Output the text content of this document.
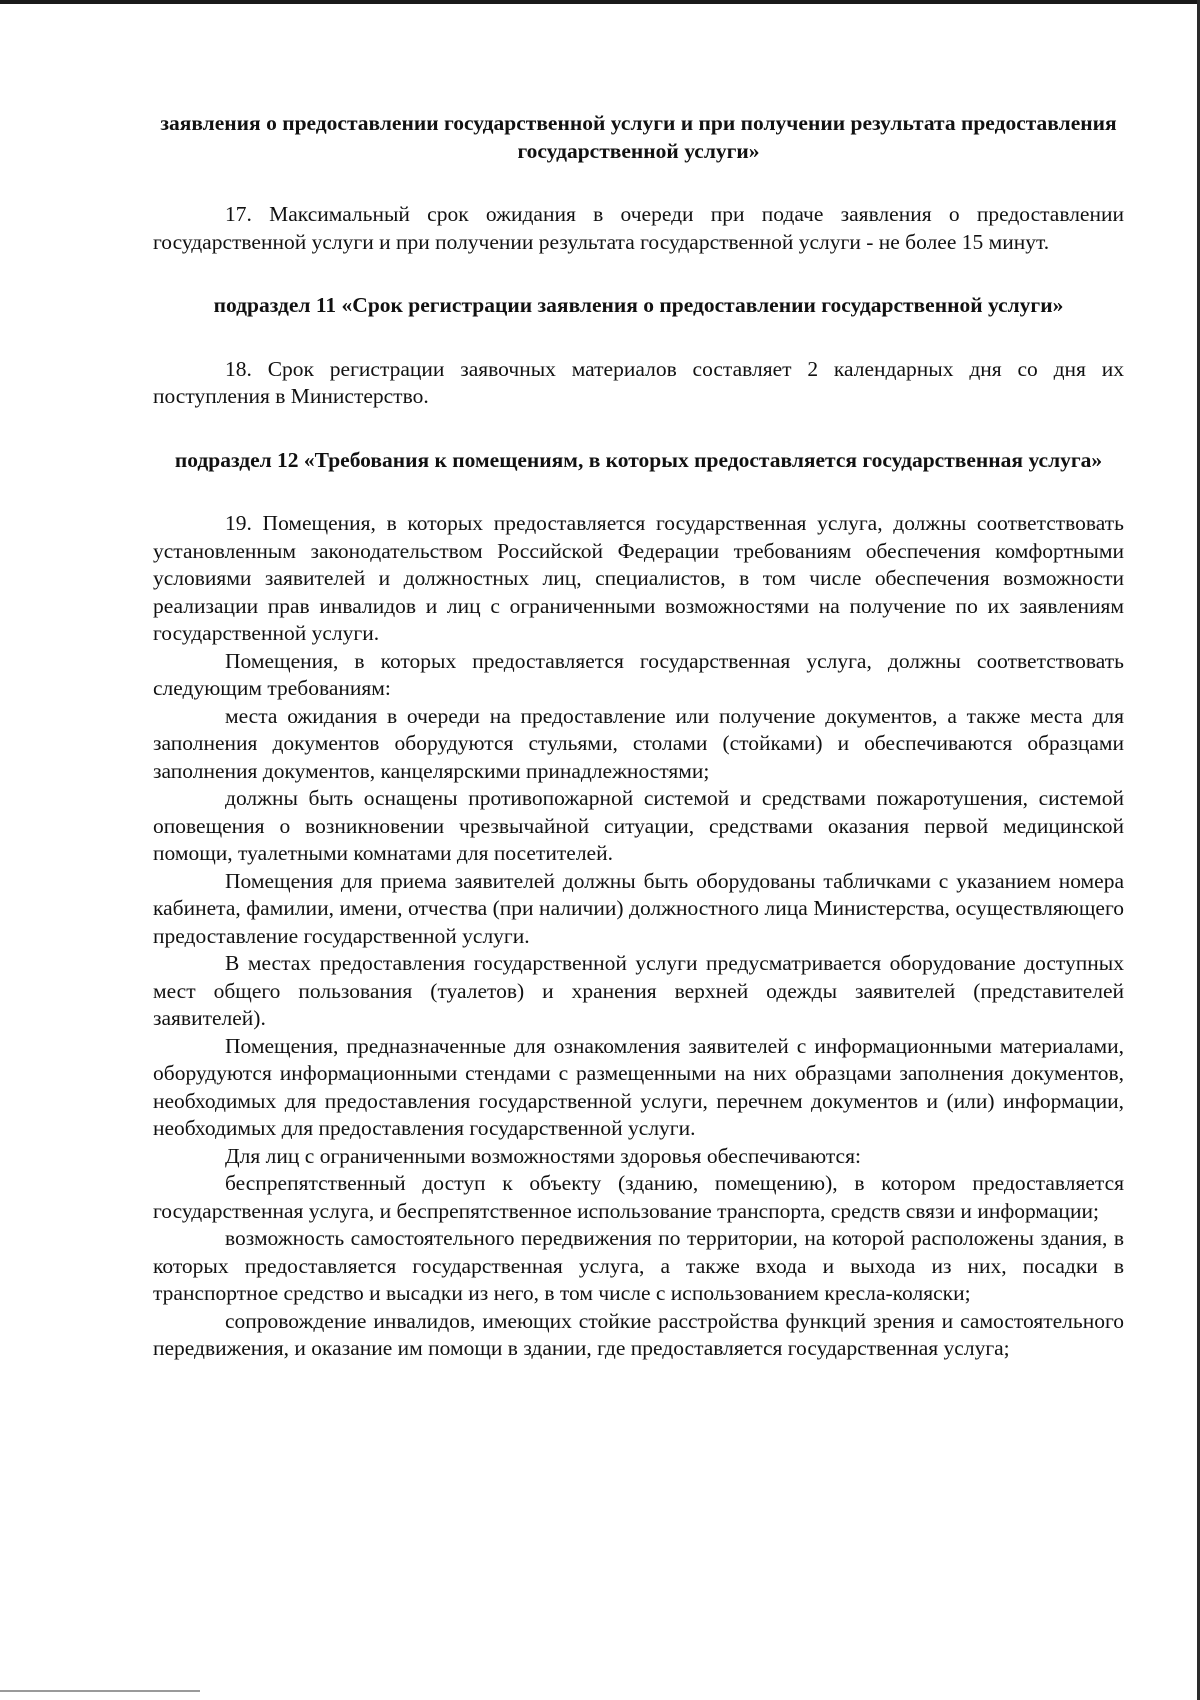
заявления о предоставлении государственной услуги и при получении результата предоставления государственной услуги»

17. Максимальный срок ожидания в очереди при подаче заявления о предоставлении государственной услуги и при получении результата государственной услуги - не более 15 минут.

подраздел 11 «Срок регистрации заявления о предоставлении государственной услуги»

18. Срок регистрации заявочных материалов составляет 2 календарных дня со дня их поступления в Министерство.

подраздел 12 «Требования к помещениям, в которых предоставляется государственная услуга»

19. Помещения, в которых предоставляется государственная услуга, должны соответствовать установленным законодательством Российской Федерации требованиям обеспечения комфортными условиями заявителей и должностных лиц, специалистов, в том числе обеспечения возможности реализации прав инвалидов и лиц с ограниченными возможностями на получение по их заявлениям государственной услуги.

Помещения, в которых предоставляется государственная услуга, должны соответствовать следующим требованиям:

места ожидания в очереди на предоставление или получение документов, а также места для заполнения документов оборудуются стульями, столами (стойками) и обеспечиваются образцами заполнения документов, канцелярскими принадлежностями;

должны быть оснащены противопожарной системой и средствами пожаротушения, системой оповещения о возникновении чрезвычайной ситуации, средствами оказания первой медицинской помощи, туалетными комнатами для посетителей.

Помещения для приема заявителей должны быть оборудованы табличками с указанием номера кабинета, фамилии, имени, отчества (при наличии) должностного лица Министерства, осуществляющего предоставление государственной услуги.

В местах предоставления государственной услуги предусматривается оборудование доступных мест общего пользования (туалетов) и хранения верхней одежды заявителей (представителей заявителей).

Помещения, предназначенные для ознакомления заявителей с информационными материалами, оборудуются информационными стендами с размещенными на них образцами заполнения документов, необходимых для предоставления государственной услуги, перечнем документов и (или) информации, необходимых для предоставления государственной услуги.

Для лиц с ограниченными возможностями здоровья обеспечиваются:

беспрепятственный доступ к объекту (зданию, помещению), в котором предоставляется государственная услуга, и беспрепятственное использование транспорта, средств связи и информации;

возможность самостоятельного передвижения по территории, на которой расположены здания, в которых предоставляется государственная услуга, а также входа и выхода из них, посадки в транспортное средство и высадки из него, в том числе с использованием кресла-коляски;

сопровождение инвалидов, имеющих стойкие расстройства функций зрения и самостоятельного передвижения, и оказание им помощи в здании, где предоставляется государственная услуга;
